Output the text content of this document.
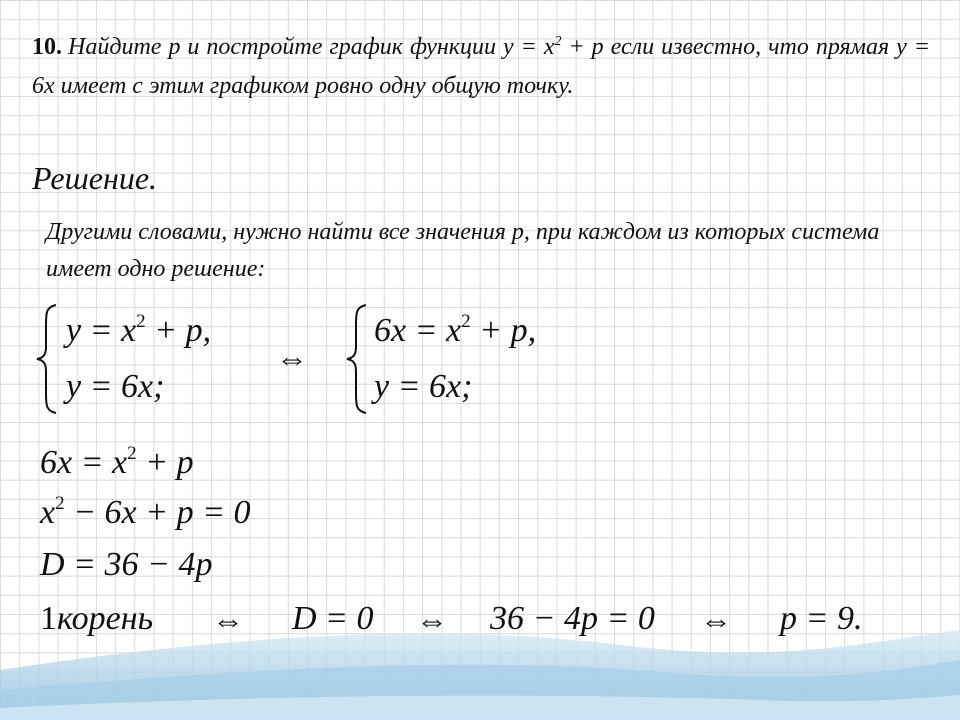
10. Найдите p и постройте график функции $y = x^2 + p$ если известно, что прямая y = 6x имеет с этим графиком ровно одну общую точку.
Решение.
Другими словами, нужно найти все значения p, при каждом из которых система имеет одно решение:
$y = x^2 + p$,
y = 6x;
⇔
$6x = x^2 + p$,
y = 6x;
$6x = x^2 + p$
$x^2 - 6x + p = 0$
D = 36 − 4p
1корень ⇔ D = 0 ⇔ 36 − 4p = 0 ⇔ p = 9.
